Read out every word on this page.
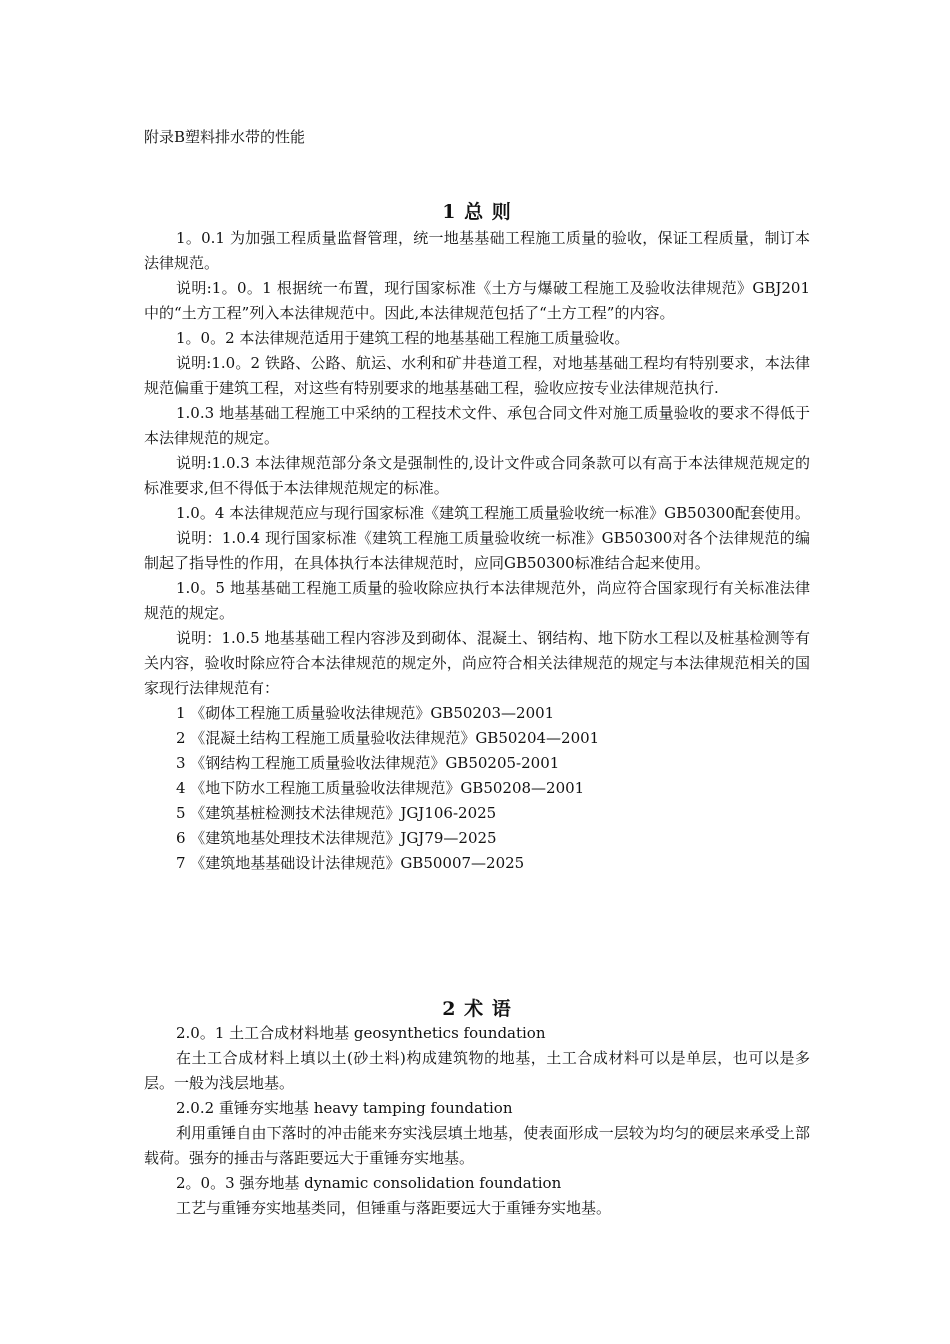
附录B塑料排水带的性能
1 总 则

1。0.1 为加强工程质量监督管理，统一地基基础工程施工质量的验收，保证工程质量，制订本法律规范。

说明:1。0。1 根据统一布置，现行国家标准《土方与爆破工程施工及验收法律规范》GBJ201中的“土方工程”列入本法律规范中。因此,本法律规范包括了“土方工程”的内容。

1。0。2 本法律规范适用于建筑工程的地基基础工程施工质量验收。

说明:1.0。2 铁路、公路、航运、水利和矿井巷道工程，对地基基础工程均有特别要求，本法律规范偏重于建筑工程，对这些有特别要求的地基基础工程，验收应按专业法律规范执行.

1.0.3 地基基础工程施工中采纳的工程技术文件、承包合同文件对施工质量验收的要求不得低于本法律规范的规定。

说明:1.0.3 本法律规范部分条文是强制性的,设计文件或合同条款可以有高于本法律规范规定的标准要求,但不得低于本法律规范规定的标准。

1.0。4 本法律规范应与现行国家标准《建筑工程施工质量验收统一标准》GB50300配套使用。

说明：1.0.4 现行国家标准《建筑工程施工质量验收统一标准》GB50300对各个法律规范的编制起了指导性的作用，在具体执行本法律规范时，应同GB50300标准结合起来使用。

1.0。5 地基基础工程施工质量的验收除应执行本法律规范外，尚应符合国家现行有关标准法律规范的规定。

说明：1.0.5 地基基础工程内容涉及到砌体、混凝土、钢结构、地下防水工程以及桩基检测等有关内容，验收时除应符合本法律规范的规定外，尚应符合相关法律规范的规定与本法律规范相关的国家现行法律规范有：

1 《砌体工程施工质量验收法律规范》GB50203—2001

2 《混凝土结构工程施工质量验收法律规范》GB50204—2001

3 《钢结构工程施工质量验收法律规范》GB50205-2001

4 《地下防水工程施工质量验收法律规范》GB50208—2001

5 《建筑基桩检测技术法律规范》JGJ106-2025

6 《建筑地基处理技术法律规范》JGJ79—2025

7 《建筑地基基础设计法律规范》GB50007—2025

2 术 语

2.0。1 土工合成材料地基 geosynthetics foundation

在土工合成材料上填以土(砂土料)构成建筑物的地基，土工合成材料可以是单层，也可以是多层。一般为浅层地基。

2.0.2 重锤夯实地基 heavy tamping foundation

利用重锤自由下落时的冲击能来夯实浅层填土地基，使表面形成一层较为均匀的硬层来承受上部载荷。强夯的捶击与落距要远大于重锤夯实地基。

2。0。3 强夯地基 dynamic consolidation foundation

工艺与重锤夯实地基类同，但锤重与落距要远大于重锤夯实地基。
